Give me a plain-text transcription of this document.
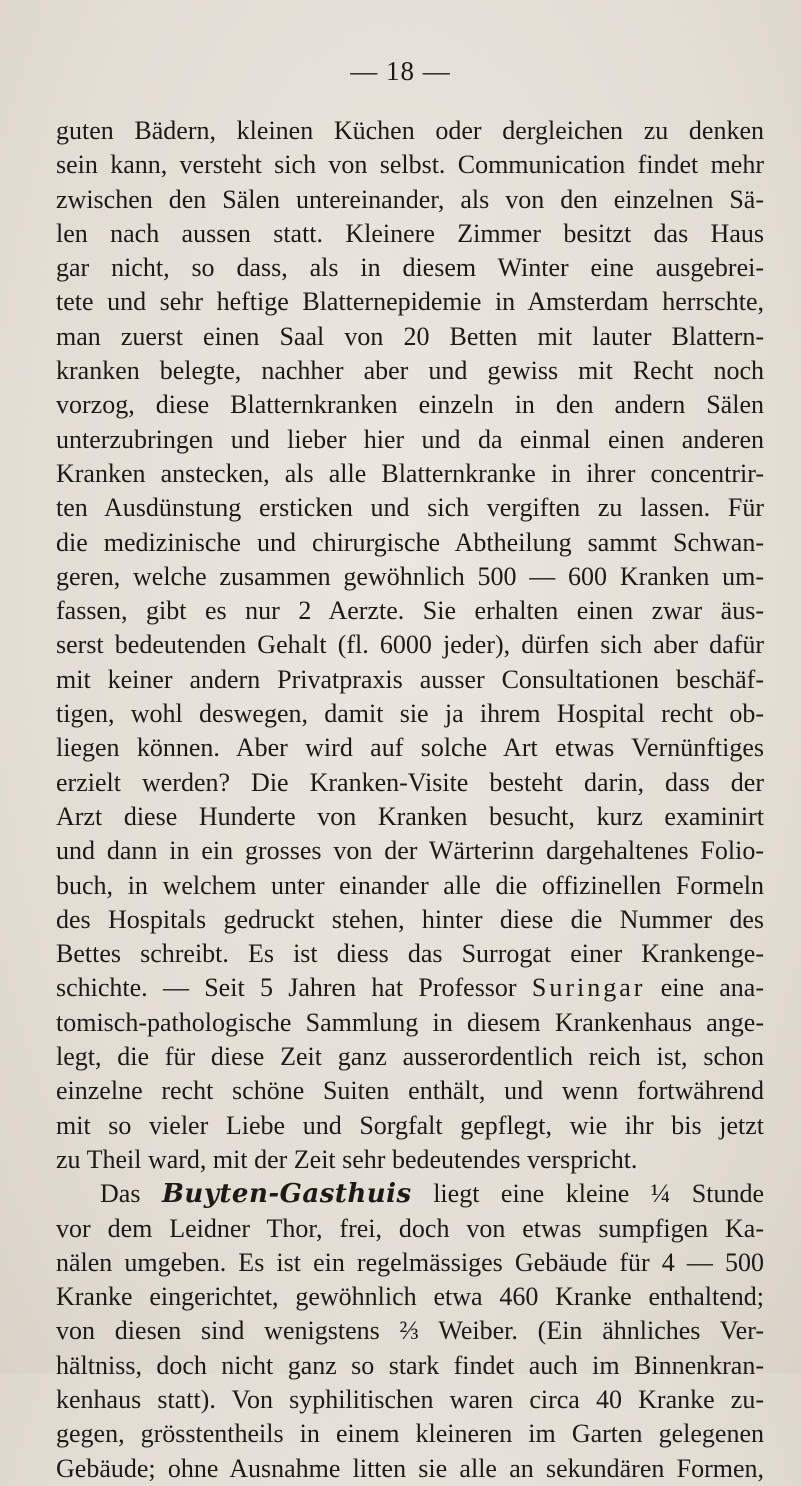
— 18 —
guten Bädern, kleinen Küchen oder dergleichen zu denken
sein kann, versteht sich von selbst. Communication findet mehr
zwischen den Sälen untereinander, als von den einzelnen Sä-
len nach aussen statt. Kleinere Zimmer besitzt das Haus
gar nicht, so dass, als in diesem Winter eine ausgebrei-
tete und sehr heftige Blatternepidemie in Amsterdam herrschte,
man zuerst einen Saal von 20 Betten mit lauter Blattern-
kranken belegte, nachher aber und gewiss mit Recht noch
vorzog, diese Blatternkranken einzeln in den andern Sälen
unterzubringen und lieber hier und da einmal einen anderen
Kranken anstecken, als alle Blatternkranke in ihrer concentrir-
ten Ausdünstung ersticken und sich vergiften zu lassen. Für
die medizinische und chirurgische Abtheilung sammt Schwan-
geren, welche zusammen gewöhnlich 500 — 600 Kranken um-
fassen, gibt es nur 2 Aerzte. Sie erhalten einen zwar äus-
serst bedeutenden Gehalt (fl. 6000 jeder), dürfen sich aber dafür
mit keiner andern Privatpraxis ausser Consultationen beschäf-
tigen, wohl deswegen, damit sie ja ihrem Hospital recht ob-
liegen können. Aber wird auf solche Art etwas Vernünftiges
erzielt werden? Die Kranken-Visite besteht darin, dass der
Arzt diese Hunderte von Kranken besucht, kurz examinirt
und dann in ein grosses von der Wärterinn dargehaltenes Folio-
buch, in welchem unter einander alle die offizinellen Formeln
des Hospitals gedruckt stehen, hinter diese die Nummer des
Bettes schreibt. Es ist diess das Surrogat einer Krankenge-
schichte. — Seit 5 Jahren hat Professor Suringar eine ana-
tomisch-pathologische Sammlung in diesem Krankenhaus ange-
legt, die für diese Zeit ganz ausserordentlich reich ist, schon
einzelne recht schöne Suiten enthält, und wenn fortwährend
mit so vieler Liebe und Sorgfalt gepflegt, wie ihr bis jetzt
zu Theil ward, mit der Zeit sehr bedeutendes verspricht.
Das Buyten-Gasthuis liegt eine kleine ¼ Stunde
vor dem Leidner Thor, frei, doch von etwas sumpfigen Ka-
nälen umgeben. Es ist ein regelmässiges Gebäude für 4 — 500
Kranke eingerichtet, gewöhnlich etwa 460 Kranke enthaltend;
von diesen sind wenigstens ⅔ Weiber. (Ein ähnliches Ver-
hältniss, doch nicht ganz so stark findet auch im Binnenkran-
kenhaus statt). Von syphilitischen waren circa 40 Kranke zu-
gegen, grösstentheils in einem kleineren im Garten gelegenen
Gebäude; ohne Ausnahme litten sie alle an sekundären Formen,
